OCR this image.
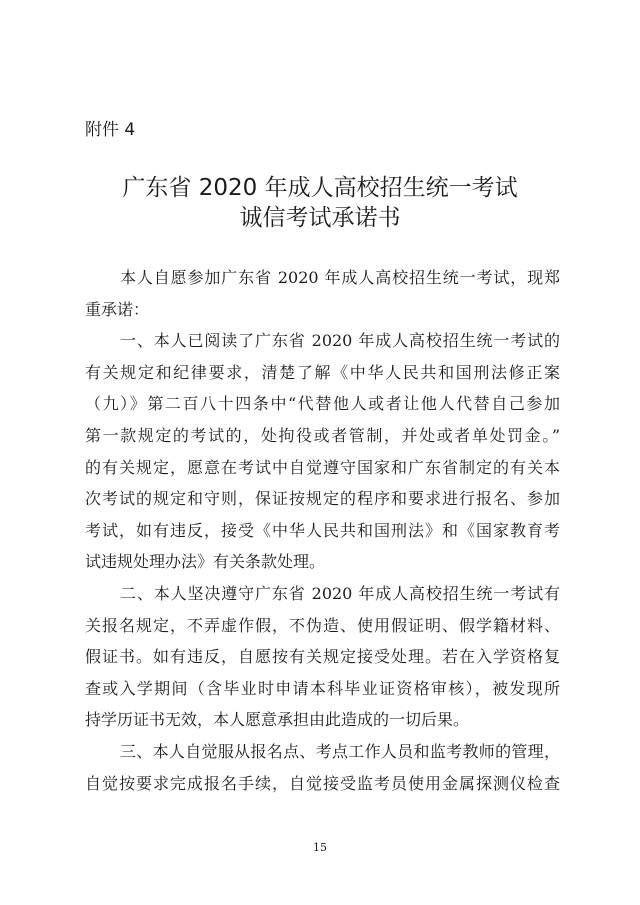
附件 4
广东省 2020 年成人高校招生统一考试
诚信考试承诺书
本人自愿参加广东省 2020 年成人高校招生统一考试，现郑
重承诺：
一、本人已阅读了广东省 2020 年成人高校招生统一考试的
有关规定和纪律要求，清楚了解《中华人民共和国刑法修正案
（九）》第二百八十四条中“代替他人或者让他人代替自己参加
第一款规定的考试的，处拘役或者管制，并处或者单处罚金。”
的有关规定，愿意在考试中自觉遵守国家和广东省制定的有关本
次考试的规定和守则，保证按规定的程序和要求进行报名、参加
考试，如有违反，接受《中华人民共和国刑法》和《国家教育考
试违规处理办法》有关条款处理。
二、本人坚决遵守广东省 2020 年成人高校招生统一考试有
关报名规定，不弄虚作假，不伪造、使用假证明、假学籍材料、
假证书。如有违反，自愿按有关规定接受处理。若在入学资格复
查或入学期间（含毕业时申请本科毕业证资格审核），被发现所
持学历证书无效，本人愿意承担由此造成的一切后果。
三、本人自觉服从报名点、考点工作人员和监考教师的管理，
自觉按要求完成报名手续，自觉接受监考员使用金属探测仪检查
15
